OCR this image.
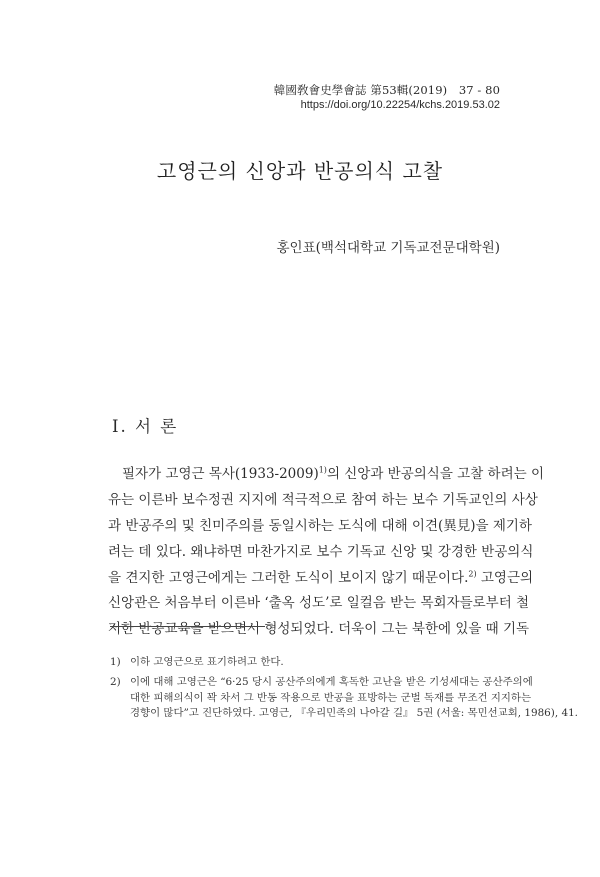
韓國敎會史學會誌 第53輯(2019)　37 - 80
https://doi.org/10.22254/kchs.2019.53.02
고영근의 신앙과 반공의식 고찰
홍인표(백석대학교 기독교전문대학원)
I. 서 론
필자가 고영근 목사(1933-2009)$^{1)}$의 신앙과 반공의식을 고찰 하려는 이
유는 이른바 보수정권 지지에 적극적으로 참여 하는 보수 기독교인의 사상
과 반공주의 및 친미주의를 동일시하는 도식에 대해 이견(異見)을 제기하
려는 데 있다. 왜냐하면 마찬가지로 보수 기독교 신앙 및 강경한 반공의식
을 견지한 고영근에게는 그러한 도식이 보이지 않기 때문이다.$^{2)}$ 고영근의
신앙관은 처음부터 이른바 ‘출옥 성도’로 일컬음 받는 목회자들로부터 철
저한 반공교육을 받으면서 형성되었다. 더욱이 그는 북한에 있을 때 기독
1) 이하 고영근으로 표기하려고 한다.
2) 이에 대해 고영근은 “6·25 당시 공산주의에게 혹독한 고난을 받은 기성세대는 공산주의에
대한 피해의식이 꽉 차서 그 반동 작용으로 반공을 표방하는 군벌 독재를 무조건 지지하는
경향이 많다”고 진단하였다. 고영근, 『우리민족의 나아갈 길』 5권 (서울: 목민선교회, 1986), 41.
